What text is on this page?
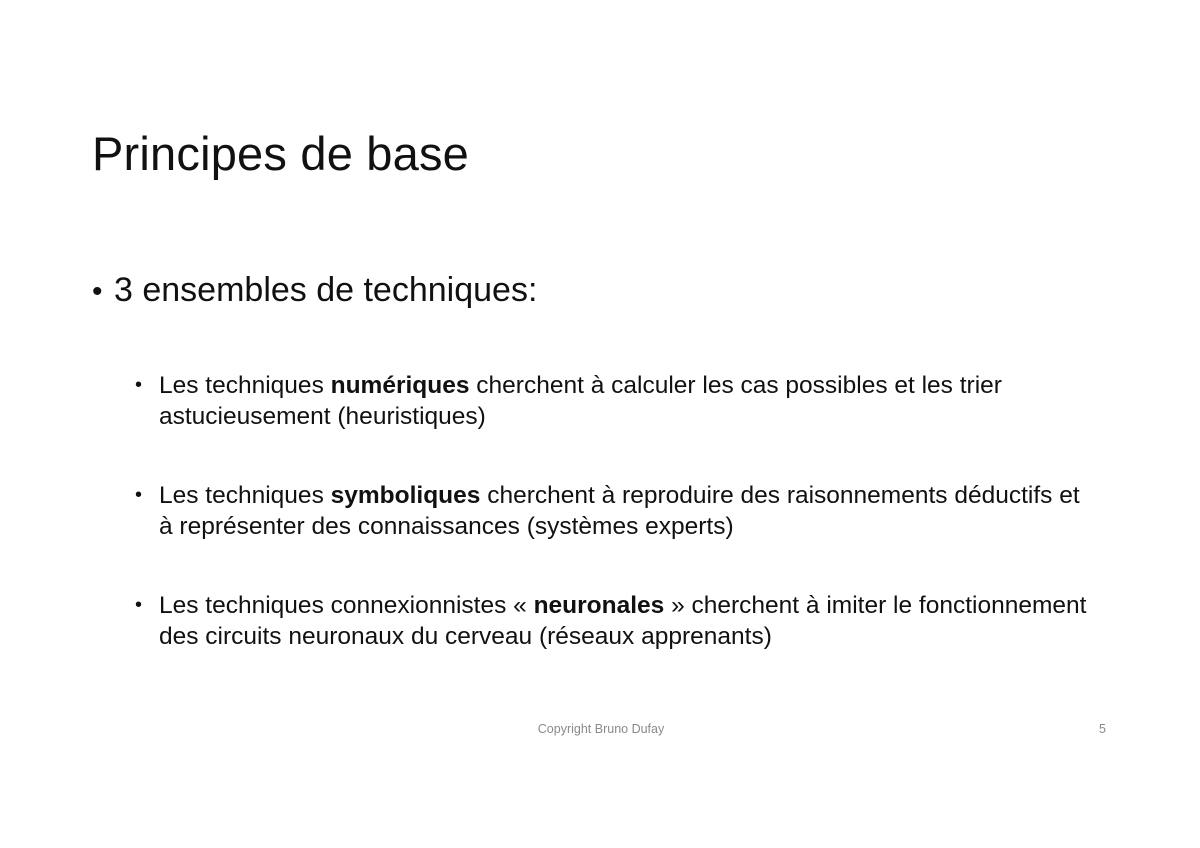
Principes de base
• 3 ensembles de techniques:
• Les techniques numériques cherchent à calculer les cas possibles et les trier astucieusement (heuristiques)
• Les techniques symboliques cherchent à reproduire des raisonnements déductifs et à représenter des connaissances (systèmes experts)
• Les techniques connexionnistes « neuronales » cherchent à imiter le fonctionnement des circuits neuronaux du cerveau (réseaux apprenants)
Copyright Bruno Dufay	5
